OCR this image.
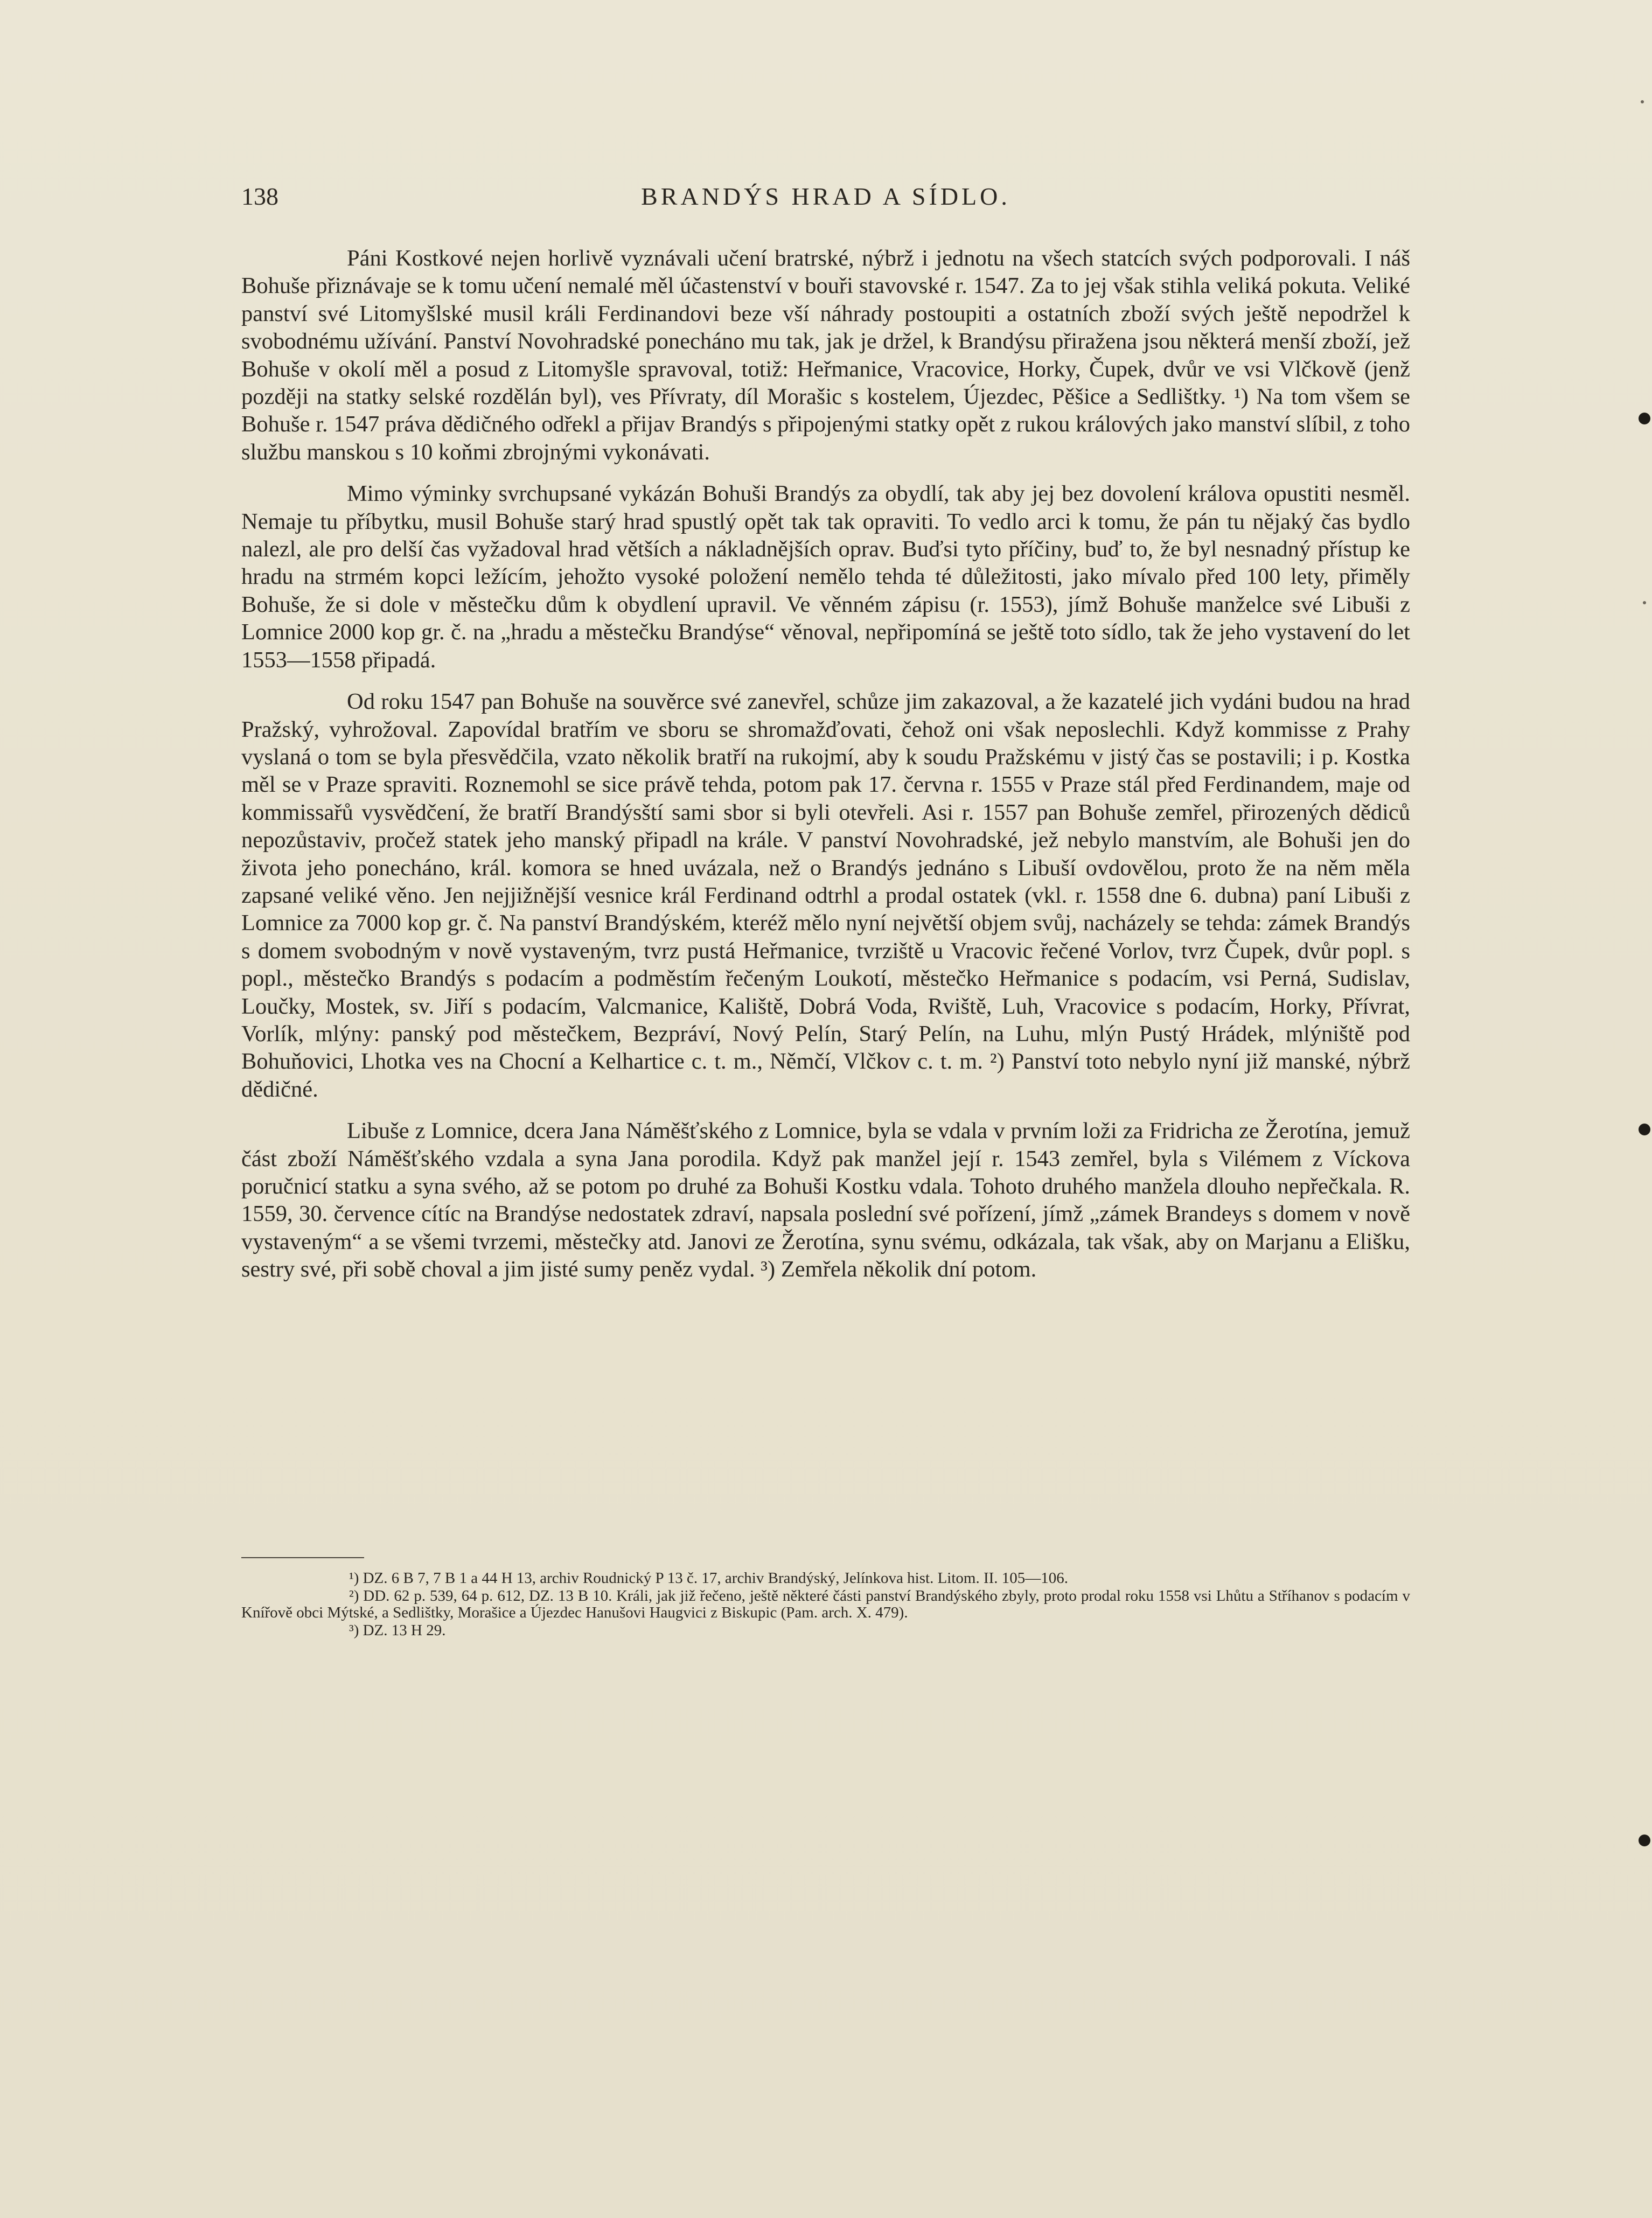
138	BRANDÝS HRAD A SÍDLO.

Páni Kostkové nejen horlivě vyznávali učení bratrské, nýbrž i jednotu na všech statcích svých podporovali. I náš Bohuše přiznávaje se k tomu učení nemalé měl účastenství v bouři stavovské r. 1547. Za to jej však stihla veliká pokuta. Veliké panství své Litomyšlské musil králi Ferdinandovi beze vší náhrady postoupiti a ostatních zboží svých ještě nepodržel k svobodnému užívání. Panství Novohradské ponecháno mu tak, jak je držel, k Brandýsu přiražena jsou některá menší zboží, jež Bohuše v okolí měl a posud z Litomyšle spravoval, totiž: Heřmanice, Vracovice, Horky, Čupek, dvůr ve vsi Vlčkově (jenž později na statky selské rozdělán byl), ves Přívraty, díl Morašic s kostelem, Újezdec, Pěšice a Sedlištky. ¹) Na tom všem se Bohuše r. 1547 práva dědičného odřekl a přijav Brandýs s připojenými statky opět z rukou králových jako manství slíbil, z toho službu manskou s 10 koňmi zbrojnými vykonávati.

Mimo výminky svrchupsané vykázán Bohuši Brandýs za obydlí, tak aby jej bez dovolení králova opustiti nesměl. Nemaje tu příbytku, musil Bohuše starý hrad spustlý opět tak tak opraviti. To vedlo arci k tomu, že pán tu nějaký čas bydlo nalezl, ale pro delší čas vyžadoval hrad větších a nákladnějších oprav. Buďsi tyto příčiny, buď to, že byl nesnadný přístup ke hradu na strmém kopci ležícím, jehožto vysoké položení nemělo tehda té důležitosti, jako mívalo před 100 lety, přiměly Bohuše, že si dole v městečku dům k obydlení upravil. Ve věnném zápisu (r. 1553), jímž Bohuše manželce své Libuši z Lomnice 2000 kop gr. č. na „hradu a městečku Brandýse“ věnoval, nepřipomíná se ještě toto sídlo, tak že jeho vystavení do let 1553—1558 připadá.

Od roku 1547 pan Bohuše na souvěrce své zanevřel, schůze jim zakazoval, a že kazatelé jich vydáni budou na hrad Pražský, vyhrožoval. Zapovídal bratřím ve sboru se shromažďovati, čehož oni však neposlechli. Když kommisse z Prahy vyslaná o tom se byla přesvědčila, vzato několik bratří na rukojmí, aby k soudu Pražskému v jistý čas se postavili; i p. Kostka měl se v Praze spraviti. Roznemohl se sice právě tehda, potom pak 17. června r. 1555 v Praze stál před Ferdinandem, maje od kommissařů vysvědčení, že bratří Brandýsští sami sbor si byli otevřeli. Asi r. 1557 pan Bohuše zemřel, přirozených dědiců nepozůstaviv, pročež statek jeho manský připadl na krále. V panství Novohradské, jež nebylo manstvím, ale Bohuši jen do života jeho ponecháno, král. komora se hned uvázala, než o Brandýs jednáno s Libuší ovdovělou, proto že na něm měla zapsané veliké věno. Jen nejjižnější vesnice král Ferdinand odtrhl a prodal ostatek (vkl. r. 1558 dne 6. dubna) paní Libuši z Lomnice za 7000 kop gr. č. Na panství Brandýském, kteréž mělo nyní největší objem svůj, nacházely se tehda: zámek Brandýs s domem svobodným v nově vystaveným, tvrz pustá Heřmanice, tvrziště u Vracovic řečené Vorlov, tvrz Čupek, dvůr popl. s popl., městečko Brandýs s podacím a podměstím řečeným Loukotí, městečko Heřmanice s podacím, vsi Perná, Sudislav, Loučky, Mostek, sv. Jiří s podacím, Valcmanice, Kaliště, Dobrá Voda, Rviště, Luh, Vracovice s podacím, Horky, Přívrat, Vorlík, mlýny: panský pod městečkem, Bezpráví, Nový Pelín, Starý Pelín, na Luhu, mlýn Pustý Hrádek, mlýniště pod Bohuňovici, Lhotka ves na Chocní a Kelhartice c. t. m., Němčí, Vlčkov c. t. m. ²) Panství toto nebylo nyní již manské, nýbrž dědičné.

Libuše z Lomnice, dcera Jana Náměšťského z Lomnice, byla se vdala v prvním loži za Fridricha ze Žerotína, jemuž část zboží Náměšťského vzdala a syna Jana porodila. Když pak manžel její r. 1543 zemřel, byla s Vilémem z Víckova poručnicí statku a syna svého, až se potom po druhé za Bohuši Kostku vdala. Tohoto druhého manžela dlouho nepřečkala. R. 1559, 30. července cítíc na Brandýse nedostatek zdraví, napsala poslední své pořízení, jímž „zámek Brandeys s domem v nově vystaveným“ a se všemi tvrzemi, městečky atd. Janovi ze Žerotína, synu svému, odkázala, tak však, aby on Marjanu a Elišku, sestry své, při sobě choval a jim jisté sumy peněz vydal. ³) Zemřela několik dní potom.

¹) DZ. 6 B 7, 7 B 1 a 44 H 13, archiv Roudnický P 13 č. 17, archiv Brandýský, Jelínkova hist. Litom. II. 105—106.

²) DD. 62 p. 539, 64 p. 612, DZ. 13 B 10. Králi, jak již řečeno, ještě některé části panství Brandýského zbyly, proto prodal roku 1558 vsi Lhůtu a Stříhanov s podacím v Knířově obci Mýtské, a Sedlištky, Morašice a Újezdec Hanušovi Haugvici z Biskupic (Pam. arch. X. 479).

³) DZ. 13 H 29.
